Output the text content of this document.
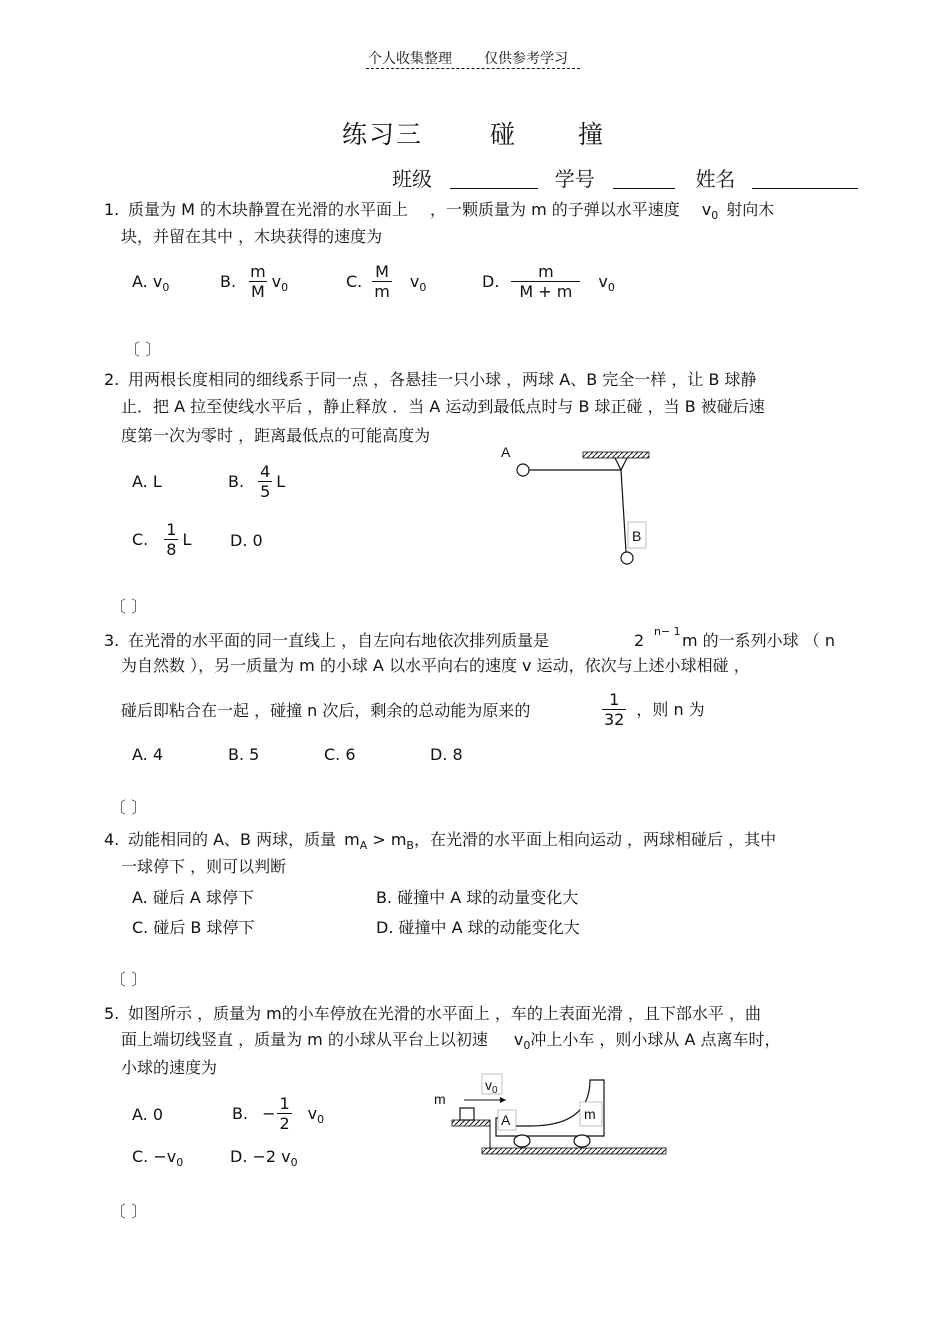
个人收集整理 仅供参考学习
练习三	碰 撞
班级	学号	姓名
1. 质量为 M 的木块静置在光滑的水平面上 ，一颗质量为 m 的子弹以水平速度 $v_0$ 射向木
块，并留在其中 ，木块获得的速度为
A. $v_0$	B. $\frac{m}{M} v_0$	C. $\frac{M}{m} v_0$	D. $\frac{m}{M + m} v_0$
〔 〕
2. 用两根长度相同的细线系于同一点 ，各悬挂一只小球 ，两球 A、B 完全一样 ，让 B 球静
止．把 A 拉至使线水平后 ，静止释放 ．当 A 运动到最低点时与 B 球正碰 ，当 B 被碰后速
度第一次为零时 ，距离最低点的可能高度为
A. L	B. $\frac{4}{5}$ L
C. $\frac{1}{8}$ L D. 0
A
B
〔 〕
3. 在光滑的水平面的同一直线上 ，自左向右地依次排列质量是	2 n− 1 m 的一系列小球 （ n
为自然数 ），另一质量为 m 的小球 A 以水平向右的速度 v 运动，依次与上述小球相碰 ，
碰后即粘合在一起 ，碰撞 n 次后，剩余的总动能为原来的	$\frac{1}{32}$ ，则 n 为
A. 4	B. 5	C. 6	D. 8
〔 〕
4. 动能相同的 A、B 两球，质量 $m_A > m_B$，在光滑的水平面上相向运动 ，两球相碰后 ，其中
一球停下 ，则可以判断
A. 碰后 A 球停下	B. 碰撞中 A 球的动量变化大
C. 碰后 B 球停下	D. 碰撞中 A 球的动能变化大
〔 〕
5. 如图所示 ，质量为 m的小车停放在光滑的水平面上 ，车的上表面光滑 ，且下部水平 ，曲
面上端切线竖直 ，质量为 m 的小球从平台上以初速 $v_0$冲上小车 ，则小球从 A 点离车时，
小球的速度为
A. 0	B. − $\frac{1}{2} v_0$
C. $-v_0$	D. −2 $v_0$
$v_0$
m
A	m
〔 〕
